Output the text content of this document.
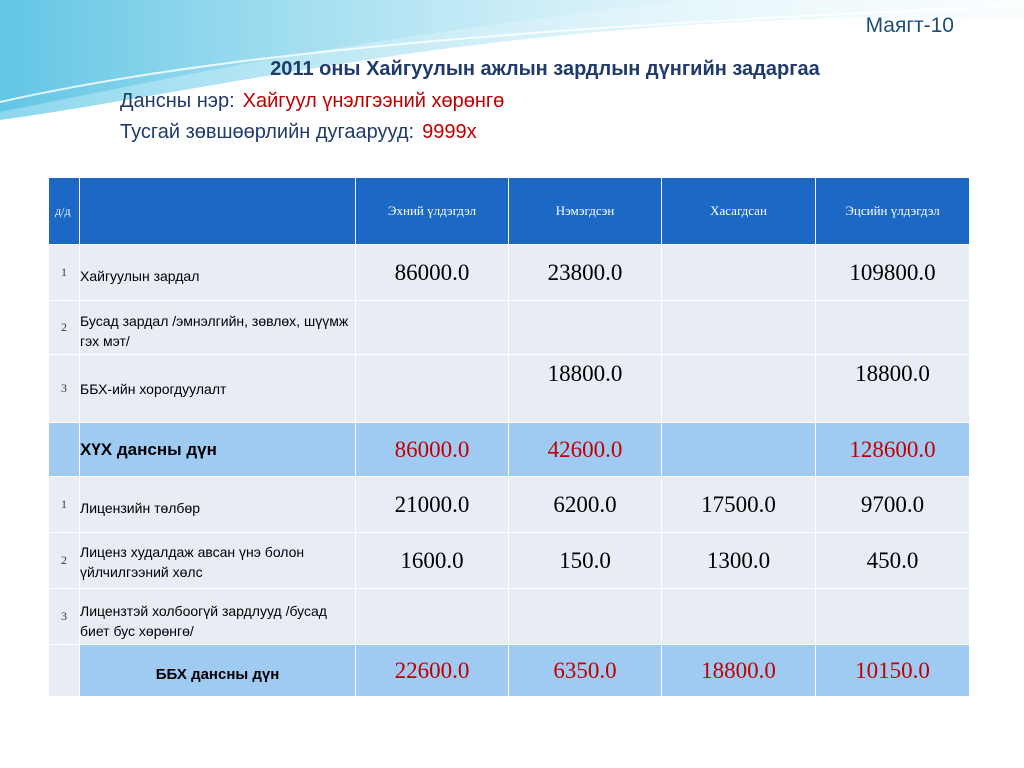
Маягт-10
2011 оны Хайгуулын ажлын зардлын дүнгийн задаргаа
Дансны нэр: Хайгуул үнэлгээний хөрөнгө
Тусгай зөвшөөрлийн дугаарууд: 9999х
д/д		Эхний үлдэгдэл	Нэмэгдсэн	Хасагдсан	Эцсийн үлдэгдэл
1	Хайгуулын зардал	86000.0	23800.0		109800.0
2	Бусад зардал /эмнэлгийн, зөвлөх, шүүмж гэх мэт/				
3	ББХ-ийн хорогдуулалт		18800.0		18800.0
	ХҮХ дансны дүн	86000.0	42600.0		128600.0
1	Лицензийн төлбөр	21000.0	6200.0	17500.0	9700.0
2	Лиценз худалдаж авсан үнэ болон үйлчилгээний хөлс	1600.0	150.0	1300.0	450.0
3	Лицензтэй холбоогүй зардлууд /бусад биет бус хөрөнгө/				
	ББХ дансны дүн	22600.0	6350.0	18800.0	10150.0
